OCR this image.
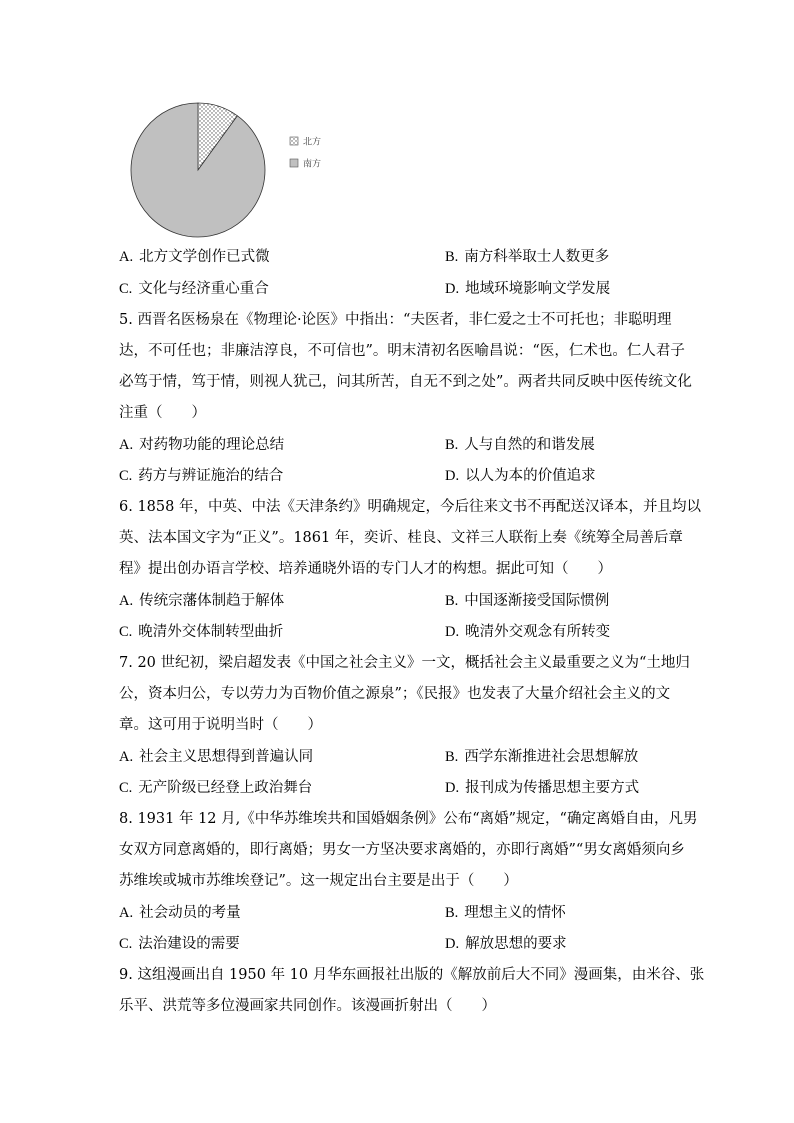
北方
南方
A. 北方文学创作已式微	B. 南方科举取士人数更多
C. 文化与经济重心重合	D. 地域环境影响文学发展
5. 西晋名医杨泉在《物理论·论医》中指出：“夫医者，非仁爱之士不可托也；非聪明理
达，不可任也；非廉洁淳良，不可信也”。明末清初名医喻昌说：“医，仁术也。仁人君子
必笃于情，笃于情，则视人犹己，问其所苦，自无不到之处”。两者共同反映中医传统文化
注重（　　）
A. 对药物功能的理论总结	B. 人与自然的和谐发展
C. 药方与辨证施治的结合	D. 以人为本的价值追求
6. 1858 年，中英、中法《天津条约》明确规定，今后往来文书不再配送汉译本，并且均以
英、法本国文字为“正义”。1861 年，奕䜣、桂良、文祥三人联衔上奏《统筹全局善后章
程》提出创办语言学校、培养通晓外语的专门人才的构想。据此可知（　　）
A. 传统宗藩体制趋于解体	B. 中国逐渐接受国际惯例
C. 晚清外交体制转型曲折	D. 晚清外交观念有所转变
7. 20 世纪初，梁启超发表《中国之社会主义》一文，概括社会主义最重要之义为“土地归
公，资本归公，专以劳力为百物价值之源泉”；《民报》也发表了大量介绍社会主义的文
章。这可用于说明当时（　　）
A. 社会主义思想得到普遍认同	B. 西学东渐推进社会思想解放
C. 无产阶级已经登上政治舞台	D. 报刊成为传播思想主要方式
8. 1931 年 12 月,《中华苏维埃共和国婚姻条例》公布“离婚”规定，“确定离婚自由，凡男
女双方同意离婚的，即行离婚；男女一方坚决要求离婚的，亦即行离婚”“男女离婚须向乡
苏维埃或城市苏维埃登记”。这一规定出台主要是出于（　　）
A. 社会动员的考量	B. 理想主义的情怀
C. 法治建设的需要	D. 解放思想的要求
9. 这组漫画出自 1950 年 10 月华东画报社出版的《解放前后大不同》漫画集，由米谷、张
乐平、洪荒等多位漫画家共同创作。该漫画折射出（　　）
